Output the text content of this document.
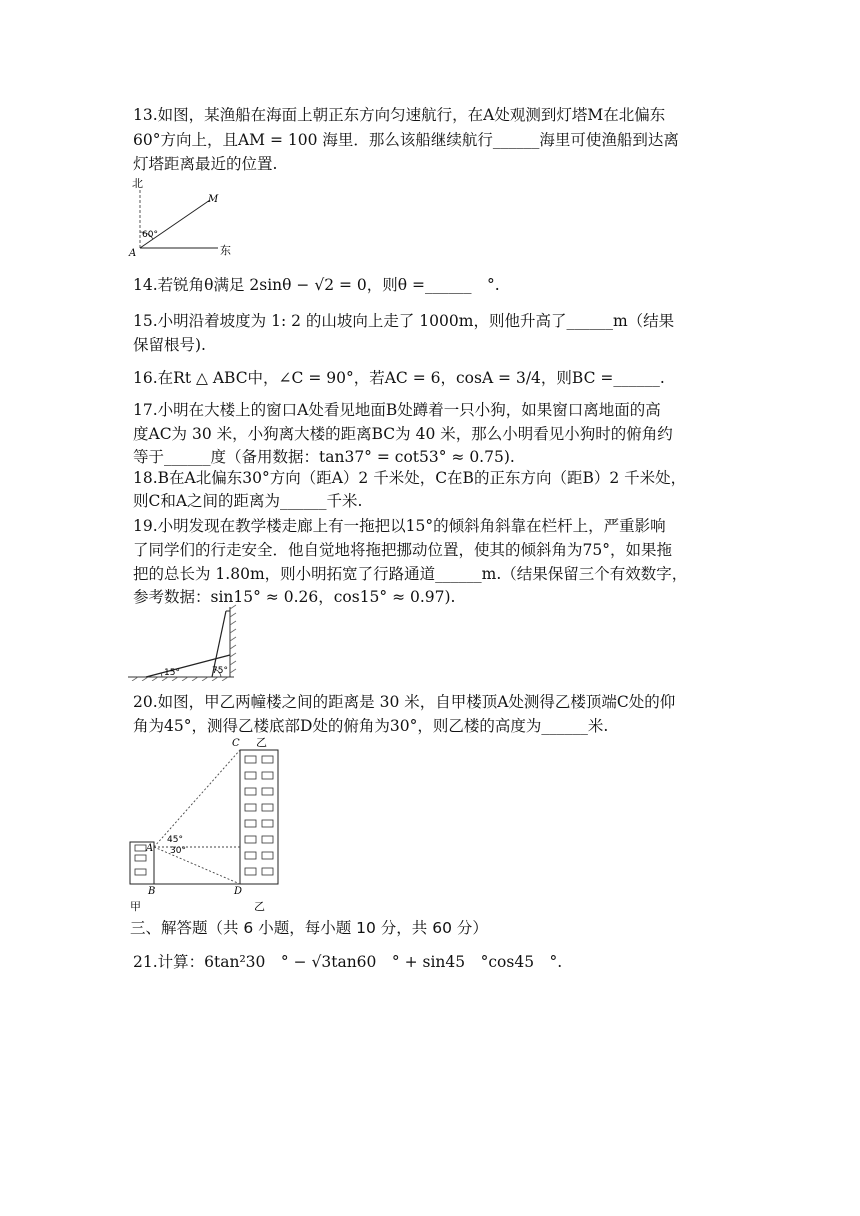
13.如图，某渔船在海面上朝正东方向匀速航行，在A处观测到灯塔M在北偏东
60°方向上，且AM = 100 海里．那么该船继续航行______海里可使渔船到达离
灯塔距离最近的位置.
北
60°
A
M
东
14.若锐角θ满足 2sinθ − √2 = 0，则θ =______　°.
15.小明沿着坡度为 1: 2 的山坡向上走了 1000m，则他升高了______m（结果
保留根号).
16.在Rt △ ABC中，∠C = 90°，若AC = 6，cosA = 3/4，则BC =______.
17.小明在大楼上的窗口A处看见地面B处蹲着一只小狗，如果窗口离地面的高
度AC为 30 米，小狗离大楼的距离BC为 40 米，那么小明看见小狗时的俯角约
等于______度（备用数据：tan37° = cot53° ≈ 0.75).
18.B在A北偏东30°方向（距A）2 千米处，C在B的正东方向（距B）2 千米处，
则C和A之间的距离为______千米.
19.小明发现在教学楼走廊上有一拖把以15°的倾斜角斜靠在栏杆上，严重影响
了同学们的行走安全．他自觉地将拖把挪动位置，使其的倾斜角为75°，如果拖
把的总长为 1.80m，则小明拓宽了行路通道______m.（结果保留三个有效数字，
参考数据：sin15° ≈ 0.26，cos15° ≈ 0.97).
15°	75°
20.如图，甲乙两幢楼之间的距离是 30 米，自甲楼顶A处测得乙楼顶端C处的仰
角为45°，测得乙楼底部D处的俯角为30°，则乙楼的高度为______米.
C 乙
45°
30°
A
B	D
甲	乙
三、解答题（共 6 小题，每小题 10 分，共 60 分）
21.计算：6tan²30　° − √3tan60　° + sin45　°cos45　°.
